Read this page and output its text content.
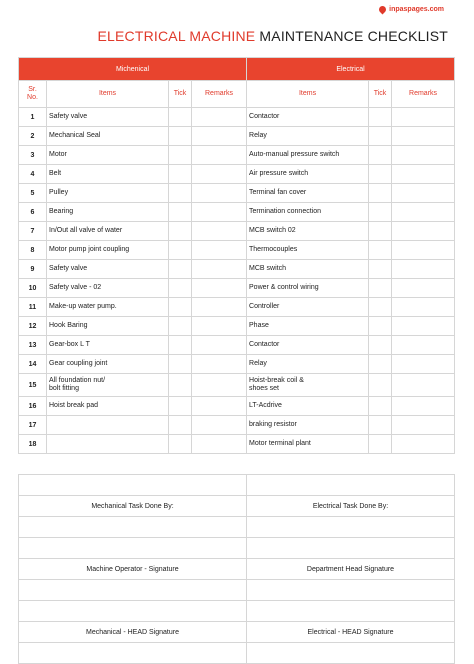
inpaspages.com
ELECTRICAL MACHINE MAINTENANCE CHECKLIST
Michenical				Electrical		
Sr.
No.	Items	Tick	Remarks	Items	Tick	Remarks
1	Safety valve			Contactor		
2	Mechanical Seal			Relay		
3	Motor			Auto-manual pressure switch		
4	Belt			Air pressure switch		
5	Pulley			Terminal fan cover		
6	Bearing			Termination connection		
7	In/Out all valve of water			MCB switch 02		
8	Motor pump joint coupling			Thermocouples		
9	Safety valve			MCB switch		
10	Safety valve - 02			Power & control wiring		
11	Make-up water pump.			Controller		
12	Hook Baring			Phase		
13	Gear-box L T			Contactor		
14	Gear coupling joint			Relay		
15	All foundation nut/
bolt fitting			Hoist-break coil &
shoes set		
16	Hoist break pad			LT-Acdrive		
17				braking resistor		
18				Motor terminal plant		

Mechanical Task Done By:	Electrical Task Done By:

Machine Operator - Signature	Department Head Signature

Mechanical - HEAD Signature	Electrical - HEAD Signature
